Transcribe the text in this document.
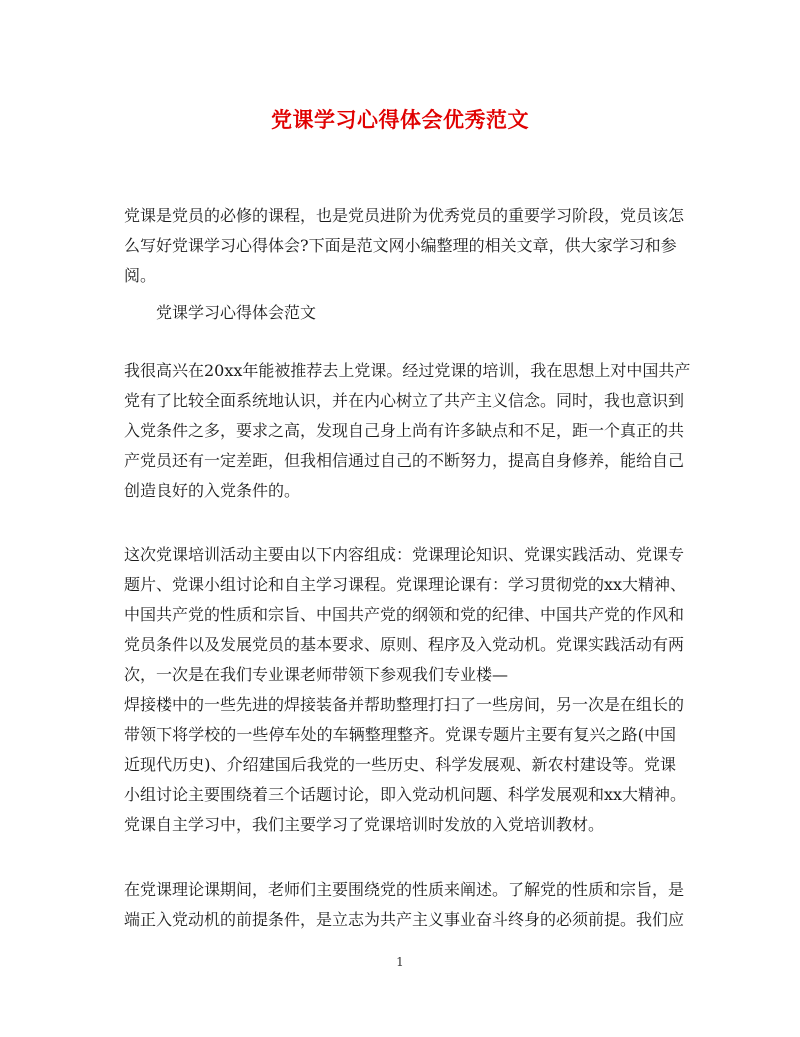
党课学习心得体会优秀范文
党课是党员的必修的课程，也是党员进阶为优秀党员的重要学习阶段，党员该怎
么写好党课学习心得体会?下面是范文网小编整理的相关文章，供大家学习和参
阅。
党课学习心得体会范文
我很高兴在20xx年能被推荐去上党课。经过党课的培训，我在思想上对中国共产
党有了比较全面系统地认识，并在内心树立了共产主义信念。同时，我也意识到
入党条件之多，要求之高，发现自己身上尚有许多缺点和不足，距一个真正的共
产党员还有一定差距，但我相信通过自己的不断努力，提高自身修养，能给自己
创造良好的入党条件的。
这次党课培训活动主要由以下内容组成：党课理论知识、党课实践活动、党课专
题片、党课小组讨论和自主学习课程。党课理论课有：学习贯彻党的xx大精神、
中国共产党的性质和宗旨、中国共产党的纲领和党的纪律、中国共产党的作风和
党员条件以及发展党员的基本要求、原则、程序及入党动机。党课实践活动有两
次，一次是在我们专业课老师带领下参观我们专业楼—
焊接楼中的一些先进的焊接装备并帮助整理打扫了一些房间，另一次是在组长的
带领下将学校的一些停车处的车辆整理整齐。党课专题片主要有复兴之路(中国
近现代历史)、介绍建国后我党的一些历史、科学发展观、新农村建设等。党课
小组讨论主要围绕着三个话题讨论，即入党动机问题、科学发展观和xx大精神。
党课自主学习中，我们主要学习了党课培训时发放的入党培训教材。
在党课理论课期间，老师们主要围绕党的性质来阐述。了解党的性质和宗旨，是
端正入党动机的前提条件，是立志为共产主义事业奋斗终身的必须前提。我们应
1
